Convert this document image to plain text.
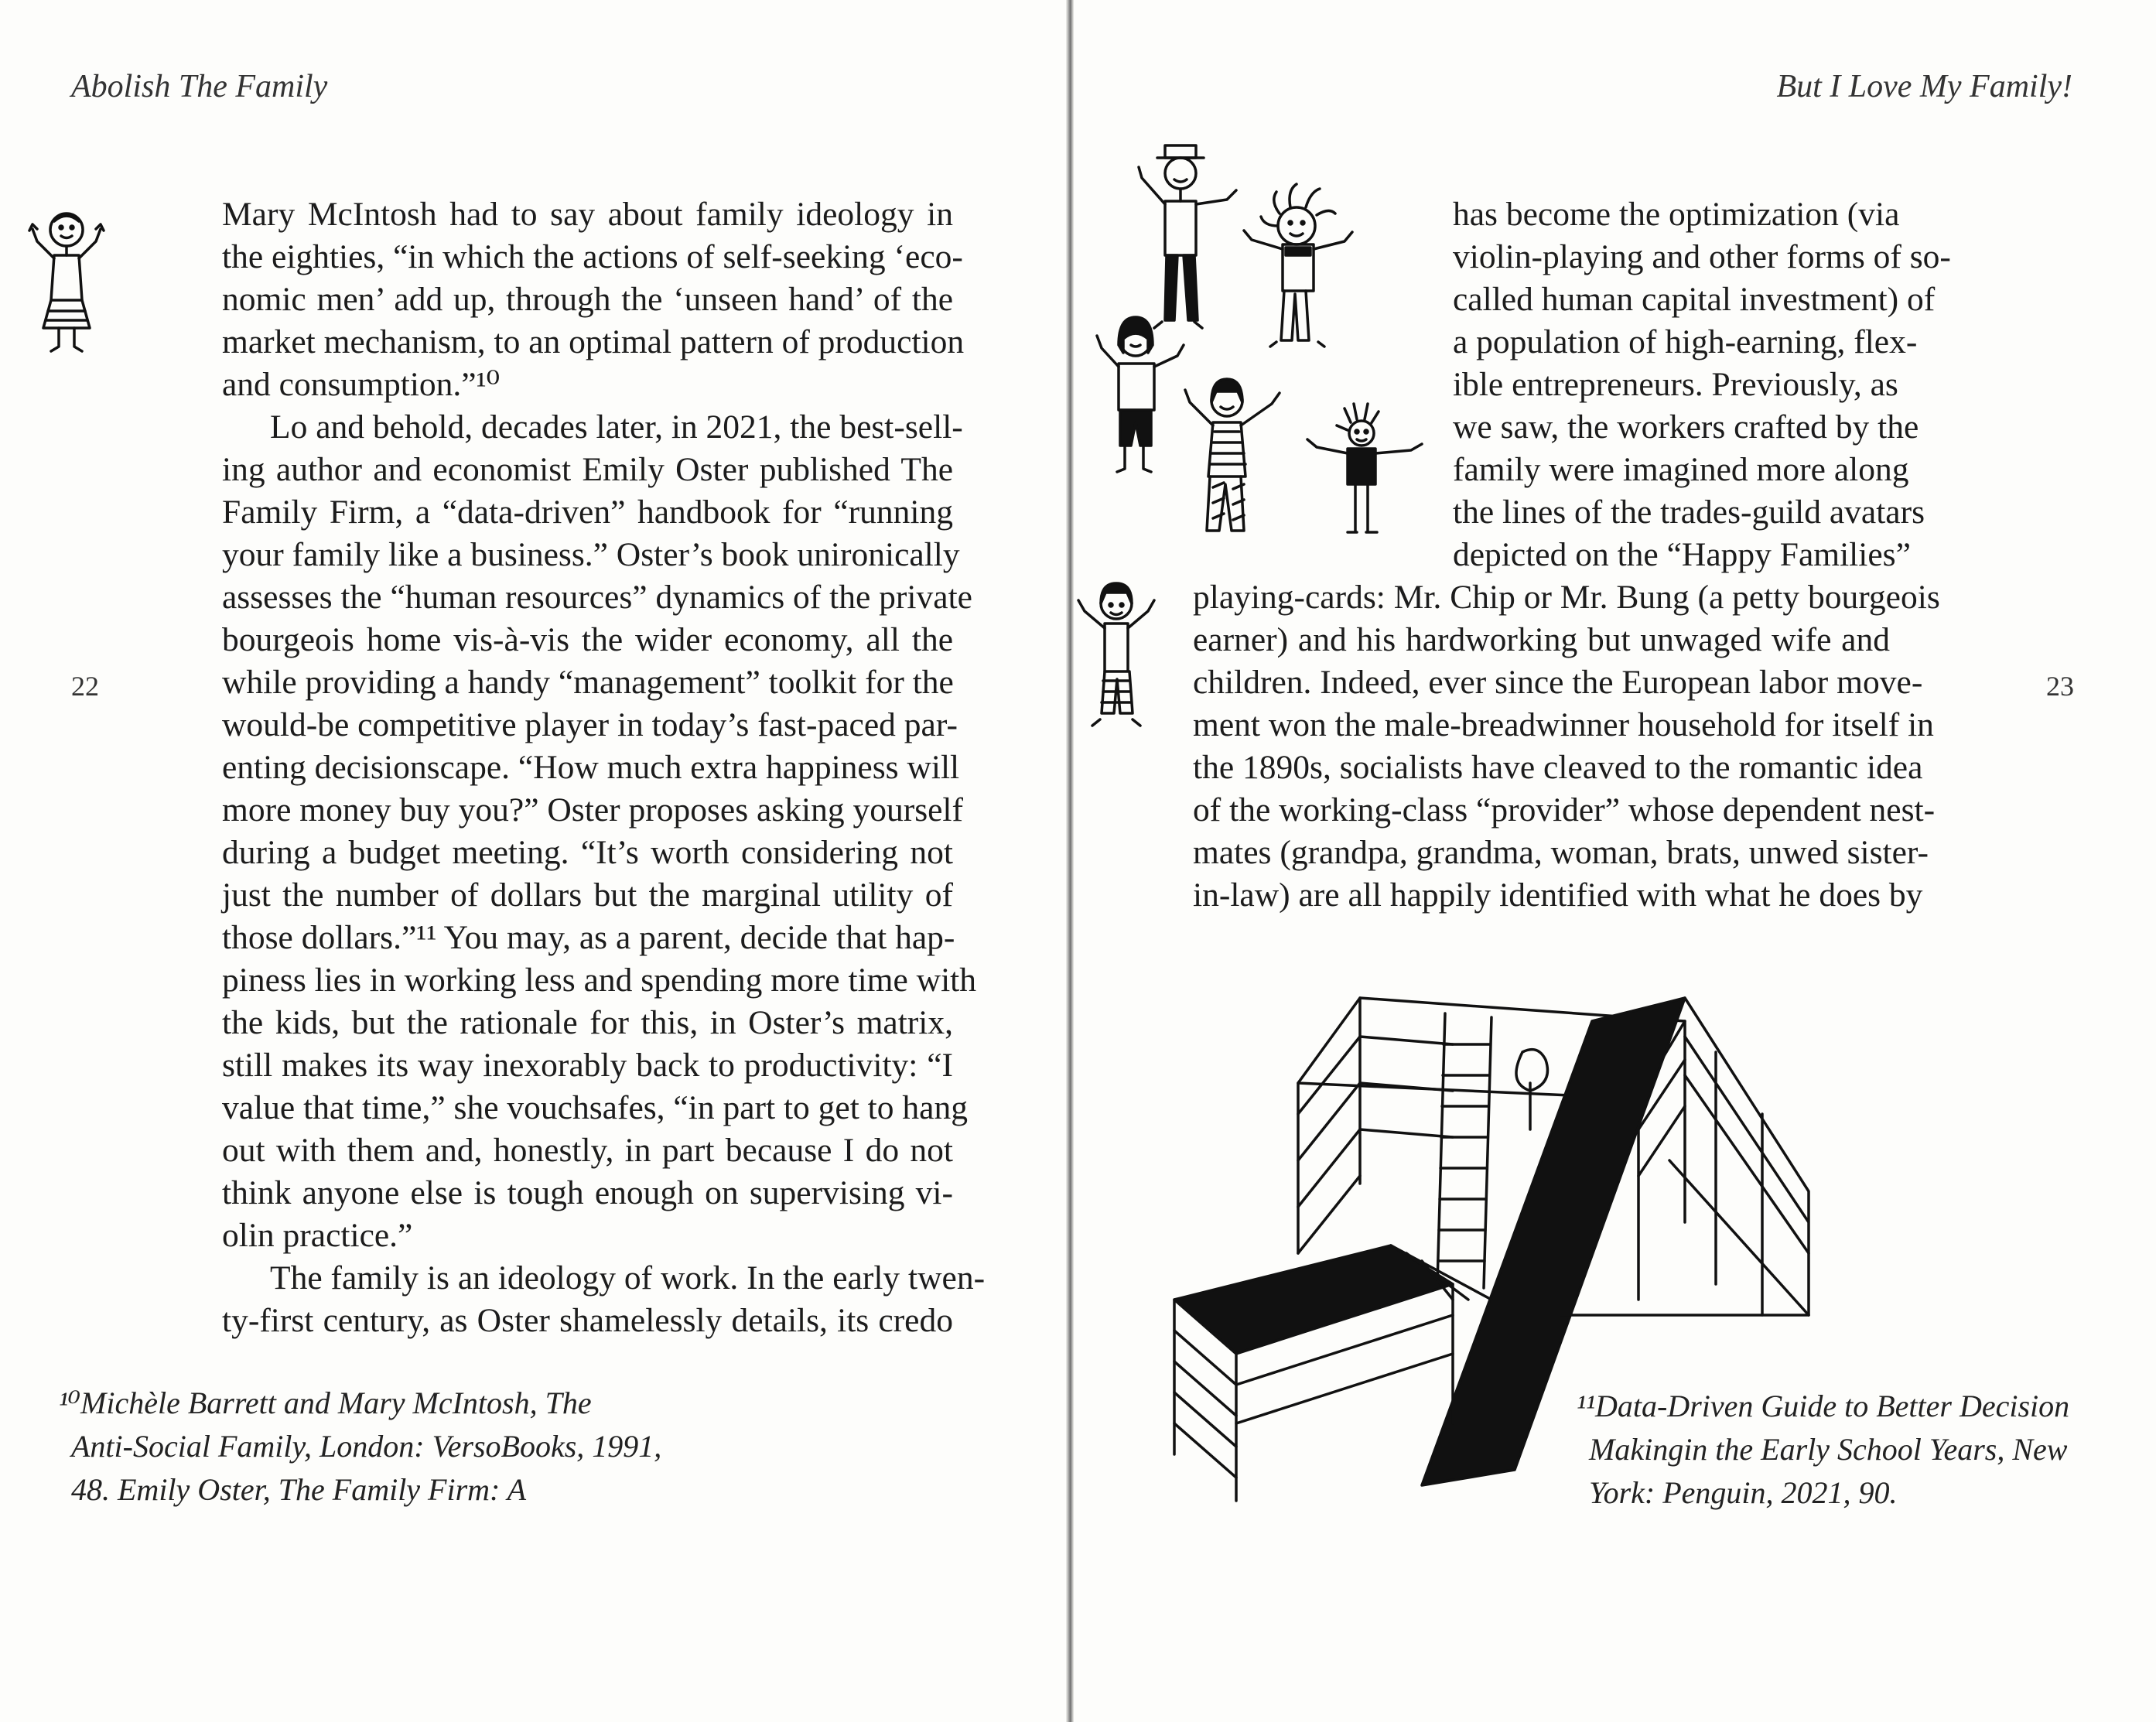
Abolish The Family
22
Mary McIntosh had to say about family ideology in
the eighties, “in which the actions of self-seeking ‘eco-
nomic men’ add up, through the ‘unseen hand’ of the
market mechanism, to an optimal pattern of production
and consumption.”¹⁰
Lo and behold, decades later, in 2021, the best-sell-
ing author and economist Emily Oster published The
Family Firm, a “data-driven” handbook for “running
your family like a business.” Oster’s book unironically
assesses the “human resources” dynamics of the private
bourgeois home vis-à-vis the wider economy, all the
while providing a handy “management” toolkit for the
would-be competitive player in today’s fast-paced par-
enting decisionscape. “How much extra happiness will
more money buy you?” Oster proposes asking yourself
during a budget meeting. “It’s worth considering not
just the number of dollars but the marginal utility of
those dollars.”¹¹ You may, as a parent, decide that hap-
piness lies in working less and spending more time with
the kids, but the rationale for this, in Oster’s matrix,
still makes its way inexorably back to productivity: “I
value that time,” she vouchsafes, “in part to get to hang
out with them and, honestly, in part because I do not
think anyone else is tough enough on supervising vi-
olin practice.”
The family is an ideology of work. In the early twen-
ty-first century, as Oster shamelessly details, its credo
¹⁰Michèle Barrett and Mary McIntosh, The
Anti-Social Family, London: VersoBooks, 1991,
48. Emily Oster, The Family Firm: A
But I Love My Family!
23
has become the optimization (via
violin-playing and other forms of so-
called human capital investment) of
a population of high-earning, flex-
ible entrepreneurs. Previously, as
we saw, the workers crafted by the
family were imagined more along
the lines of the trades-guild avatars
depicted on the “Happy Families”
playing-cards: Mr. Chip or Mr. Bung (a petty bourgeois
earner) and his hardworking but unwaged wife and
children. Indeed, ever since the European labor move-
ment won the male-breadwinner household for itself in
the 1890s, socialists have cleaved to the romantic idea
of the working-class “provider” whose dependent nest-
mates (grandpa, grandma, woman, brats, unwed sister-
in-law) are all happily identified with what he does by
¹¹Data-Driven Guide to Better Decision
Makingin the Early School Years, New
York: Penguin, 2021, 90.
